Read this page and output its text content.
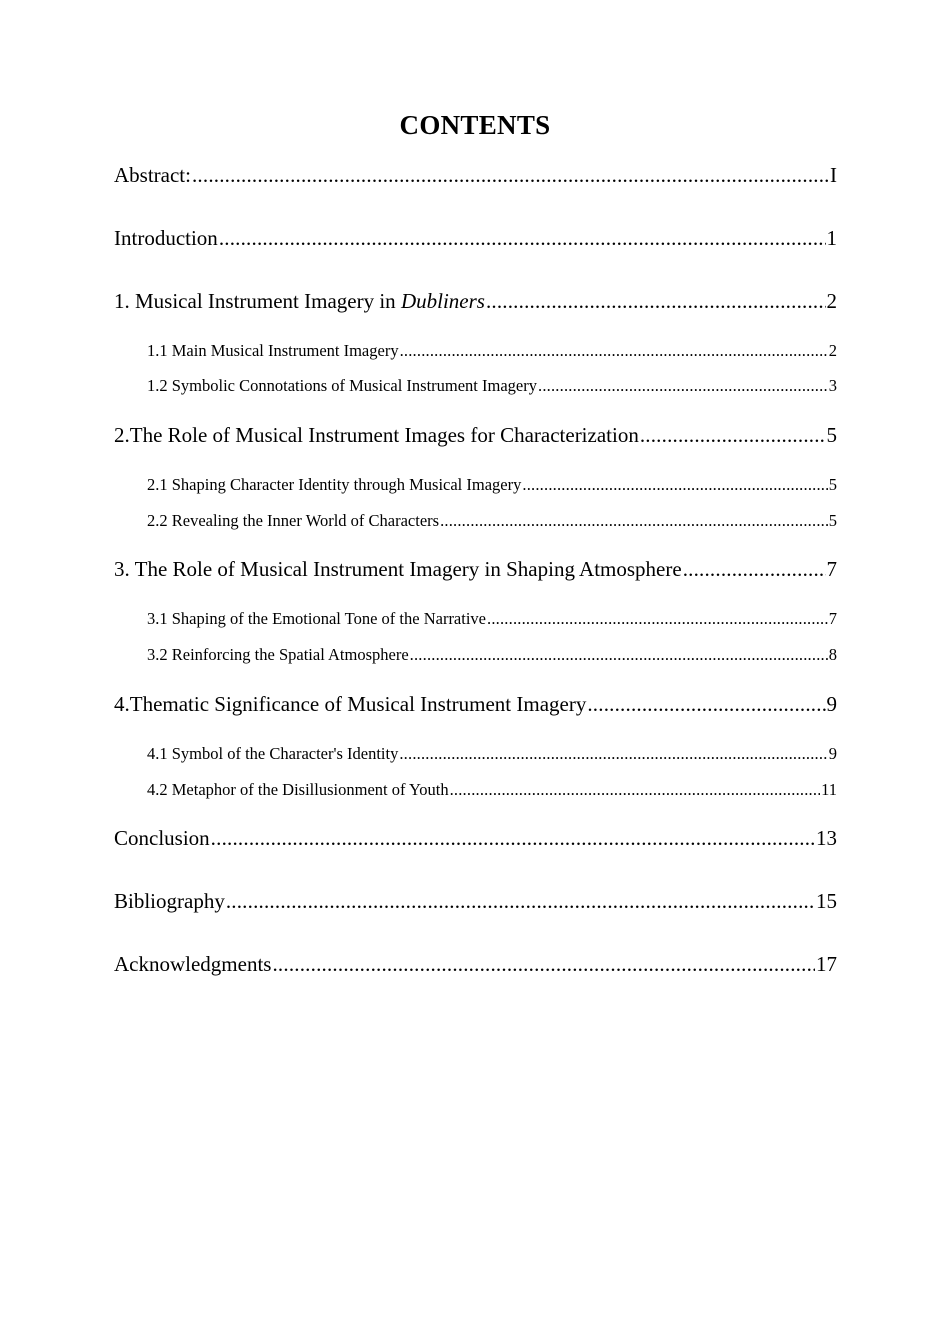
CONTENTS
Abstract: .....	I
Introduction .....	1
1. Musical Instrument Imagery in Dubliners .....	2
1.1 Main Musical Instrument Imagery .....	2
1.2 Symbolic Connotations of Musical Instrument Imagery .....	3
2.The Role of Musical Instrument Images for Characterization .....	5
2.1 Shaping Character Identity through Musical Imagery .....	5
2.2 Revealing the Inner World of Characters .....	5
3. The Role of Musical Instrument Imagery in Shaping Atmosphere .....	7
3.1 Shaping of the Emotional Tone of the Narrative .....	7
3.2 Reinforcing the Spatial Atmosphere .....	8
4.Thematic Significance of Musical Instrument Imagery .....	9
4.1 Symbol of the Character's Identity .....	9
4.2 Metaphor of the Disillusionment of Youth .....	11
Conclusion .....	13
Bibliography .....	15
Acknowledgments .....	17
